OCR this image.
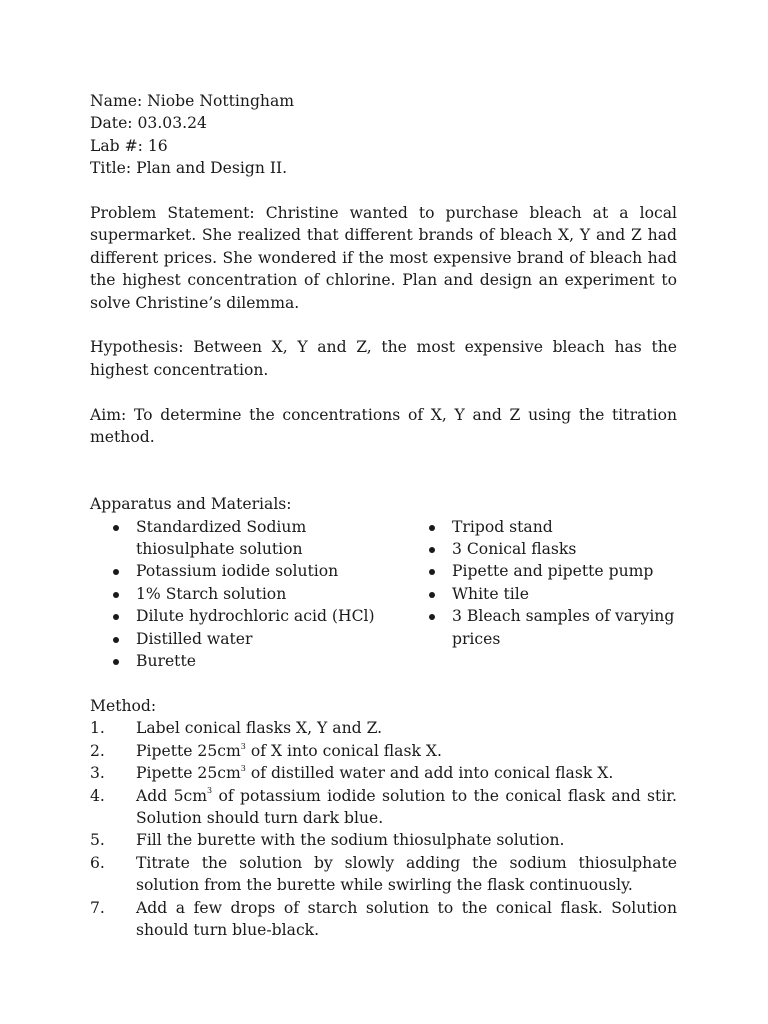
Name: Niobe Nottingham

Date: 03.03.24

Lab #: 16

Title: Plan and Design II.

Problem Statement: Christine wanted to purchase bleach at a local supermarket. She realized that different brands of bleach X, Y and Z had different prices. She wondered if the most expensive brand of bleach had the highest concentration of chlorine. Plan and design an experiment to solve Christine’s dilemma.

Hypothesis: Between X, Y and Z, the most expensive bleach has the highest concentration.

Aim: To determine the concentrations of X, Y and Z using the titration method.

Apparatus and Materials:

Standardized Sodium thiosulphate solution
Potassium iodide solution
1% Starch solution
Dilute hydrochloric acid (HCl)
Distilled water
Burette
Tripod stand
3 Conical flasks
Pipette and pipette pump
White tile
3 Bleach samples of varying prices

Method:

1.	Label conical flasks X, Y and Z.
2.	Pipette $25cm^3$ of X into conical flask X.
3.	Pipette $25cm^3$ of distilled water and add into conical flask X.
4.	Add $5cm^3$ of potassium iodide solution to the conical flask and stir. Solution should turn dark blue.
5.	Fill the burette with the sodium thiosulphate solution.
6.	Titrate the solution by slowly adding the sodium thiosulphate solution from the burette while swirling the flask continuously.
7.	Add a few drops of starch solution to the conical flask. Solution should turn blue-black.
